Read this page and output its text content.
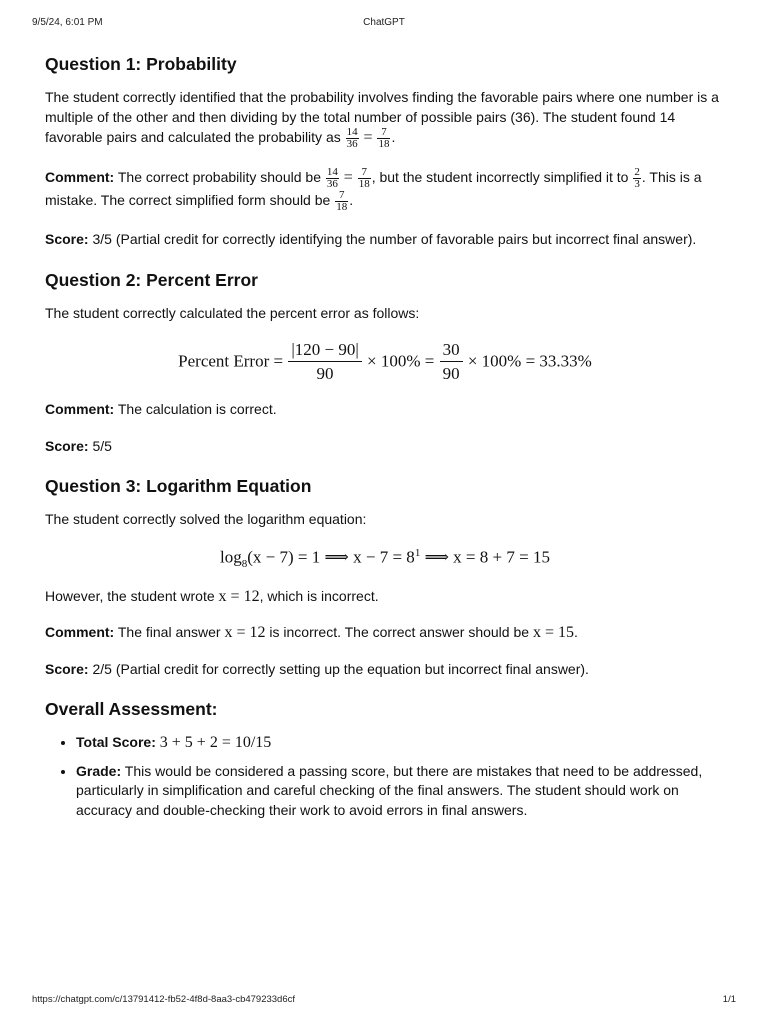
9/5/24, 6:01 PM	ChatGPT
Question 1: Probability

The student correctly identified that the probability involves finding the favorable pairs where one number is a multiple of the other and then dividing by the total number of possible pairs (36). The student found 14 favorable pairs and calculated the probability as $\frac{14}{36} = \frac{7}{18}$ .

Comment: The correct probability should be $\frac{14}{36} = \frac{7}{18}$ , but the student incorrectly simplified it to $\frac{2}{3}$ . This is a mistake. The correct simplified form should be $\frac{7}{18}$ .

Score: 3/5 (Partial credit for correctly identifying the number of favorable pairs but incorrect final answer).

Question 2: Percent Error

The student correctly calculated the percent error as follows:

Percent Error = $\frac{|120 - 90|}{90} \times 100\% = \frac{30}{90} \times 100\% = 33.33\%$

Comment: The calculation is correct.

Score: 5/5

Question 3: Logarithm Equation

The student correctly solved the logarithm equation:

$\log_8(x - 7) = 1$ ⟹ $x - 7 = 8^1$ ⟹ x = 8 + 7 = 15

However, the student wrote x = 12, which is incorrect.

Comment: The final answer x = 12 is incorrect. The correct answer should be x = 15.

Score: 2/5 (Partial credit for correctly setting up the equation but incorrect final answer).

Overall Assessment:
• Total Score: 3 + 5 + 2 = 10/15
• Grade: This would be considered a passing score, but there are mistakes that need to be addressed, particularly in simplification and careful checking of the final answers. The student should work on accuracy and double-checking their work to avoid errors in final answers.
https://chatgpt.com/c/13791412-fb52-4f8d-8aa3-cb479233d6cf	1/1
